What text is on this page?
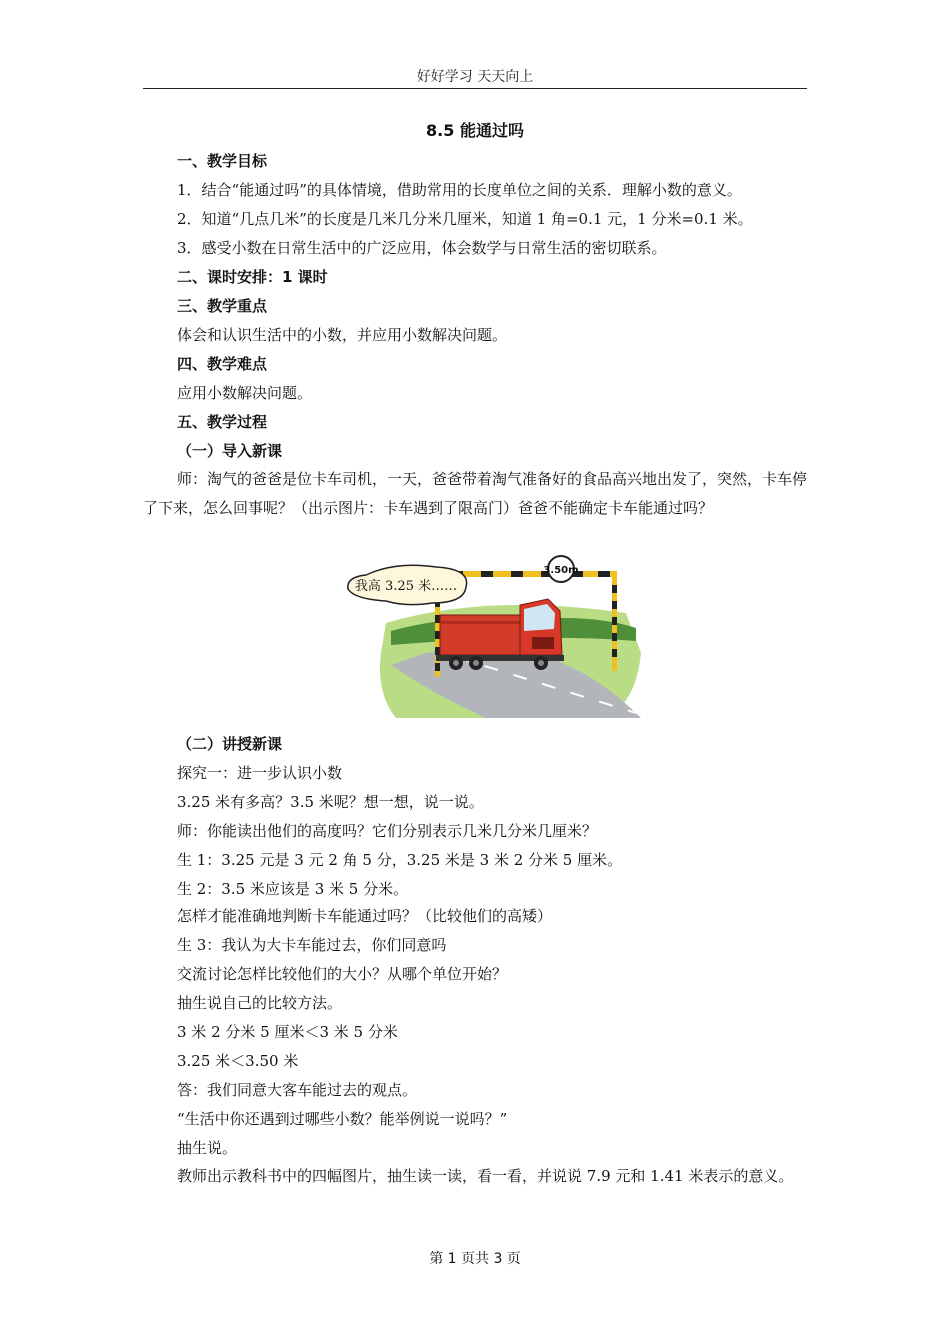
好好学习 天天向上
8.5 能通过吗
一、教学目标
1．结合“能通过吗”的具体情境，借助常用的长度单位之间的关系．理解小数的意义。
2．知道“几点几米”的长度是几米几分米几厘米，知道 1 角=0.1 元，1 分米=0.1 米。
3．感受小数在日常生活中的广泛应用，体会数学与日常生活的密切联系。
二、课时安排：1 课时
三、教学重点
体会和认识生活中的小数，并应用小数解决问题。
四、教学难点
应用小数解决问题。
五、教学过程
（一）导入新课
师：淘气的爸爸是位卡车司机，一天，爸爸带着淘气准备好的食品高兴地出发了，突然，卡车停了下来，怎么回事呢？（出示图片：卡车遇到了限高门）爸爸不能确定卡车能通过吗？
3.50m
我高 3.25 米……
（二）讲授新课
探究一：进一步认识小数
3.25 米有多高？3.5 米呢？想一想，说一说。
师：你能读出他们的高度吗？它们分别表示几米几分米几厘米？
生 1：3.25 元是 3 元 2 角 5 分，3.25 米是 3 米 2 分米 5 厘米。
生 2：3.5 米应该是 3 米 5 分米。
怎样才能准确地判断卡车能通过吗？（比较他们的高矮）
生 3：我认为大卡车能过去，你们同意吗
交流讨论怎样比较他们的大小？从哪个单位开始？
抽生说自己的比较方法。
3 米 2 分米 5 厘米＜3 米 5 分米
3.25 米＜3.50 米
答：我们同意大客车能过去的观点。
“生活中你还遇到过哪些小数？能举例说一说吗？”
抽生说。
教师出示教科书中的四幅图片，抽生读一读，看一看，并说说 7.9 元和 1.41 米表示的意义。
第 1 页共 3 页
